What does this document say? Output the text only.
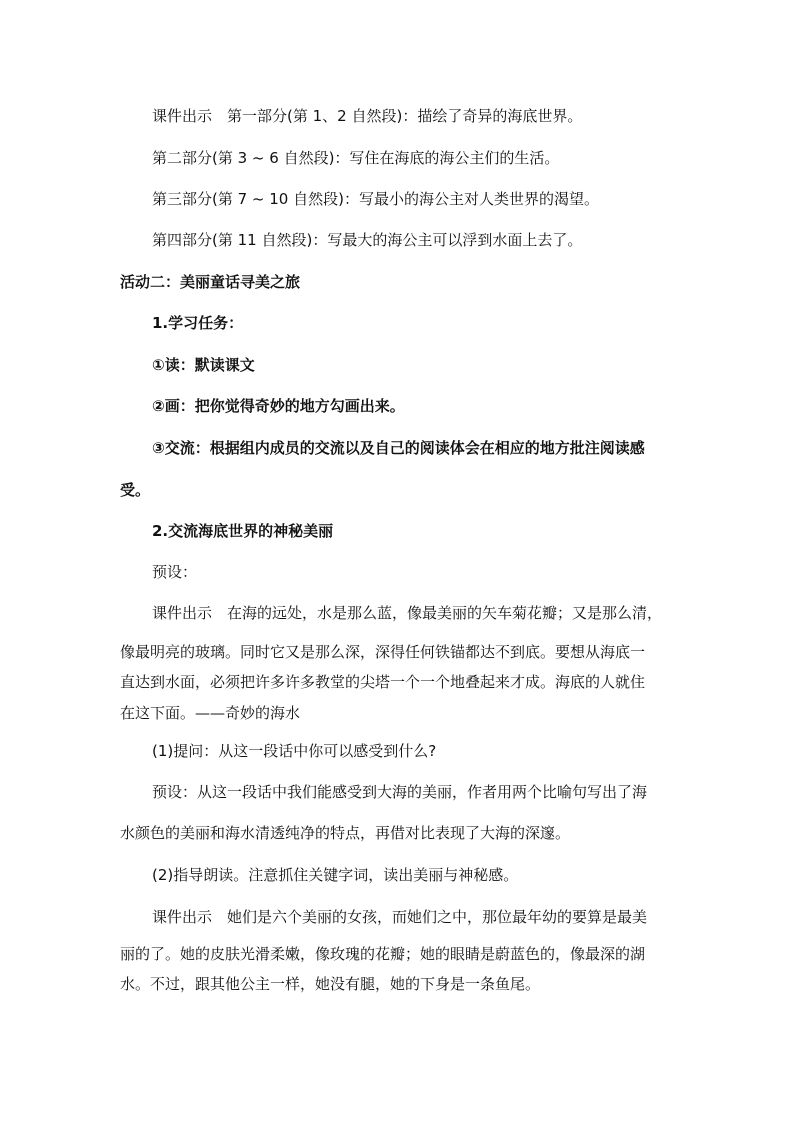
课件出示　第一部分(第 1、2 自然段)：描绘了奇异的海底世界。
第二部分(第 3 ~ 6 自然段)：写住在海底的海公主们的生活。
第三部分(第 7 ~ 10 自然段)：写最小的海公主对人类世界的渴望。
第四部分(第 11 自然段)：写最大的海公主可以浮到水面上去了。
活动二：美丽童话寻美之旅
1.学习任务：
①读：默读课文
②画：把你觉得奇妙的地方勾画出来。
③交流：根据组内成员的交流以及自己的阅读体会在相应的地方批注阅读感
受。
2.交流海底世界的神秘美丽
预设：
课件出示　在海的远处，水是那么蓝，像最美丽的矢车菊花瓣；又是那么清，
像最明亮的玻璃。同时它又是那么深，深得任何铁锚都达不到底。要想从海底一
直达到水面，必须把许多许多教堂的尖塔一个一个地叠起来才成。海底的人就住
在这下面。——奇妙的海水
(1)提问：从这一段话中你可以感受到什么?
预设：从这一段话中我们能感受到大海的美丽，作者用两个比喻句写出了海
水颜色的美丽和海水清透纯净的特点，再借对比表现了大海的深邃。
(2)指导朗读。注意抓住关键字词，读出美丽与神秘感。
课件出示　她们是六个美丽的女孩，而她们之中，那位最年幼的要算是最美
丽的了。她的皮肤光滑柔嫩，像玫瑰的花瓣；她的眼睛是蔚蓝色的，像最深的湖
水。不过，跟其他公主一样，她没有腿，她的下身是一条鱼尾。
